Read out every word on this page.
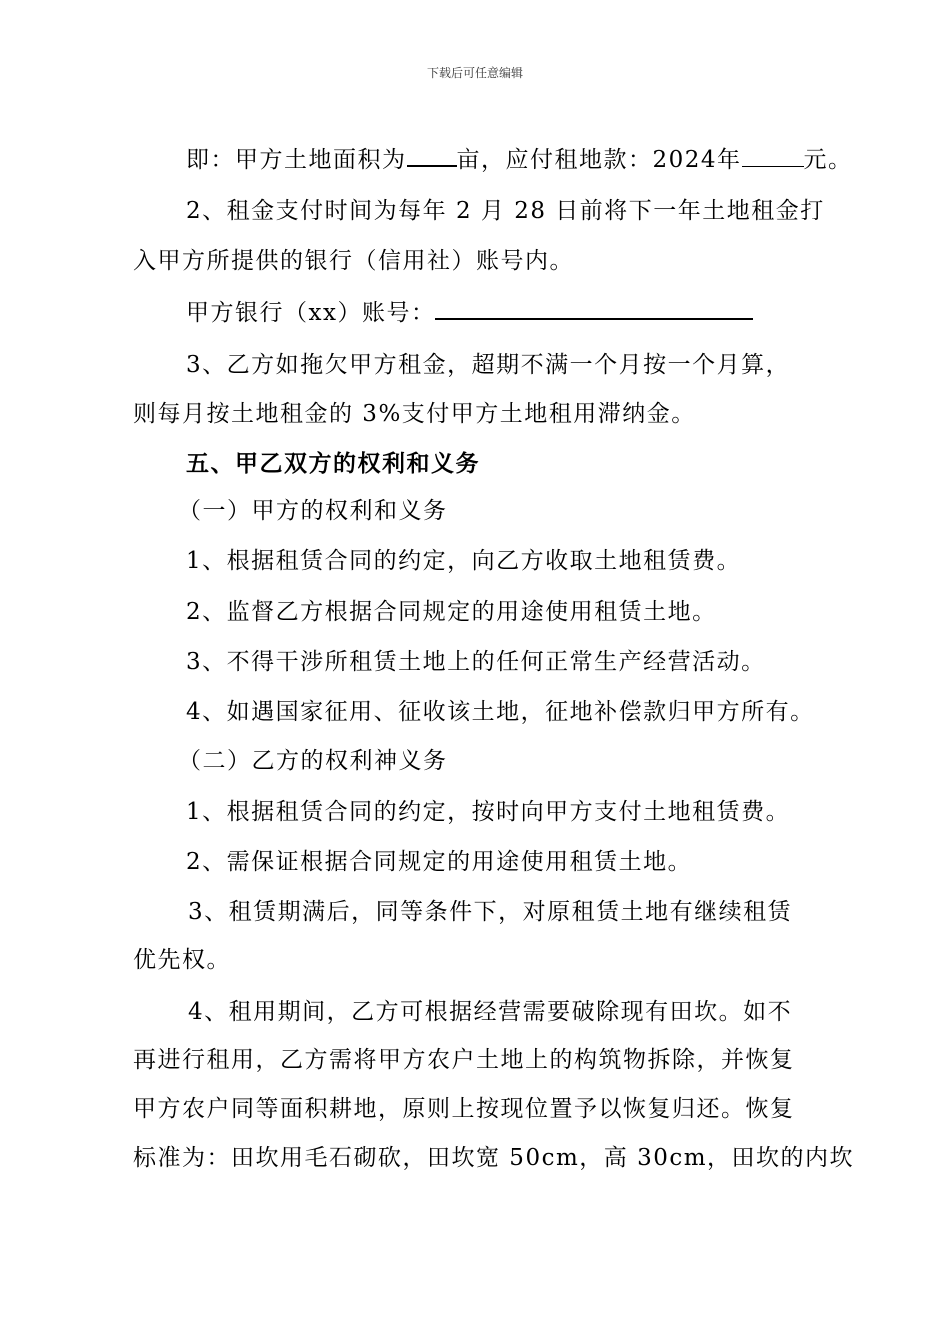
下载后可任意编辑
即：甲方土地面积为 亩，应付租地款：2024年	元。
2、租金支付时间为每年 2 月 28 日前将下一年土地租金打
入甲方所提供的银行（信用社）账号内。
甲方银行（xx）账号：
3、乙方如拖欠甲方租金，超期不满一个月按一个月算，
则每月按土地租金的 3%支付甲方土地租用滞纳金。
五、甲乙双方的权利和义务
（一）甲方的权利和义务
1、根据租赁合同的约定，向乙方收取土地租赁费。
2、监督乙方根据合同规定的用途使用租赁土地。
3、不得干涉所租赁土地上的任何正常生产经营活动。
4、如遇国家征用、征收该土地，征地补偿款归甲方所有。
（二）乙方的权利神义务
1、根据租赁合同的约定，按时向甲方支付土地租赁费。
2、需保证根据合同规定的用途使用租赁土地。
3、租赁期满后，同等条件下，对原租赁土地有继续租赁
优先权。
4、租用期间，乙方可根据经营需要破除现有田坎。如不
再进行租用，乙方需将甲方农户土地上的构筑物拆除，并恢复
甲方农户同等面积耕地，原则上按现位置予以恢复归还。恢复
标准为：田坎用毛石砌砍，田坎宽 50cm，高 30cm，田坎的内坎
